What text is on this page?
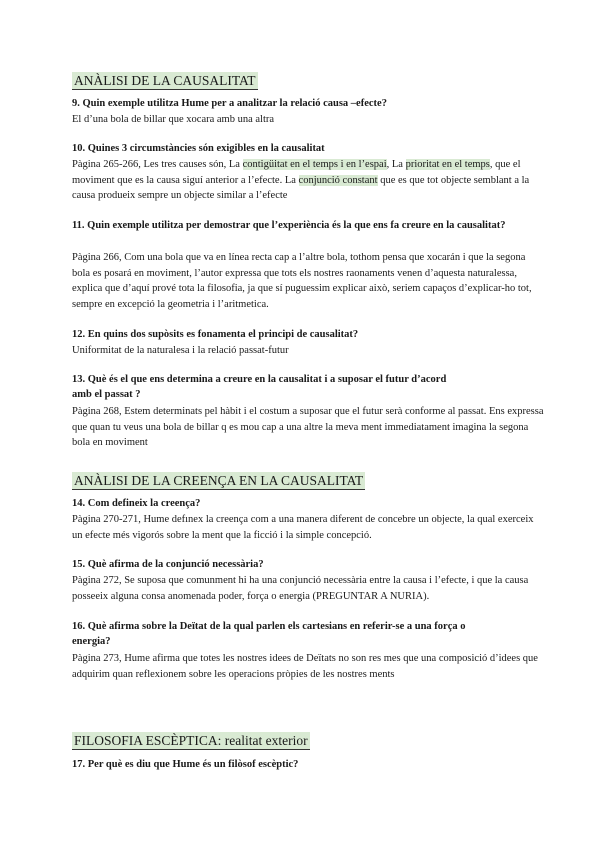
ANÀLISI DE LA CAUSALITAT
9. Quin exemple utilitza Hume per a analitzar la relació causa –efecte?
El d’una bola de billar que xocara amb una altra
10. Quines 3 circumstàncies són exigibles en la causalitat
Pàgina 265-266, Les tres causes són, La contigüitat en el temps i en l’espai, La prioritat en el temps, que el moviment que es la causa siguí anterior a l’efecte. La conjunció constant que es que tot objecte semblant a la causa produeix sempre un objecte similar a l’efecte
11. Quin exemple utilitza per demostrar que l’experiència és la que ens fa creure en la causalitat?
Pàgina 266, Com una bola que va en línea recta cap a l’altre bola, tothom pensa que xocarán i que la segona bola es posará en moviment, l’autor expressa que tots els nostres raonaments venen d’aquesta naturalessa, explica que d’aquí prové tota la filosofia, ja que sí puguessim explicar això, seriem capaços d’explicar-ho tot, sempre en excepció la geometria i l’aritmetica.
12. En quins dos supòsits es fonamenta el principi de causalitat?
Uniformitat de la naturalesa i la relació passat-futur
13. Què és el que ens determina a creure en la causalitat i a suposar el futur d’acord amb el passat ?
Pàgina 268, Estem determinats pel hàbit i el costum a suposar que el futur serà conforme al passat. Ens expressa que quan tu veus una bola de billar q es mou cap a una altre la meva ment immediatament imagina la segona bola en moviment
ANÀLISI DE LA CREENÇA EN LA CAUSALITAT
14. Com defineix la creença?
Pàgina 270-271, Hume defınex la creença com a una manera diferent de concebre un objecte, la qual exerceix un efecte més vigorós sobre la ment que la ficció i la simple concepció.
15. Què afirma de la conjunció necessària?
Pàgina 272, Se suposa que comunment hi ha una conjunció necessària entre la causa i l’efecte, i que la causa posseeix alguna consa anomenada poder, força o energia (PREGUNTAR A NURIA).
16. Què afirma sobre la Deïtat de la qual parlen els cartesians en referir-se a una força o energia?
Pàgina 273, Hume afirma que totes les nostres idees de Deïtats no son res mes que una composició d’idees que adquirim quan reflexionem sobre les operacions pròpies de les nostres ments
FILOSOFIA ESCÈPTICA: realitat exterior
17. Per què es diu que Hume és un filòsof escèptic?
